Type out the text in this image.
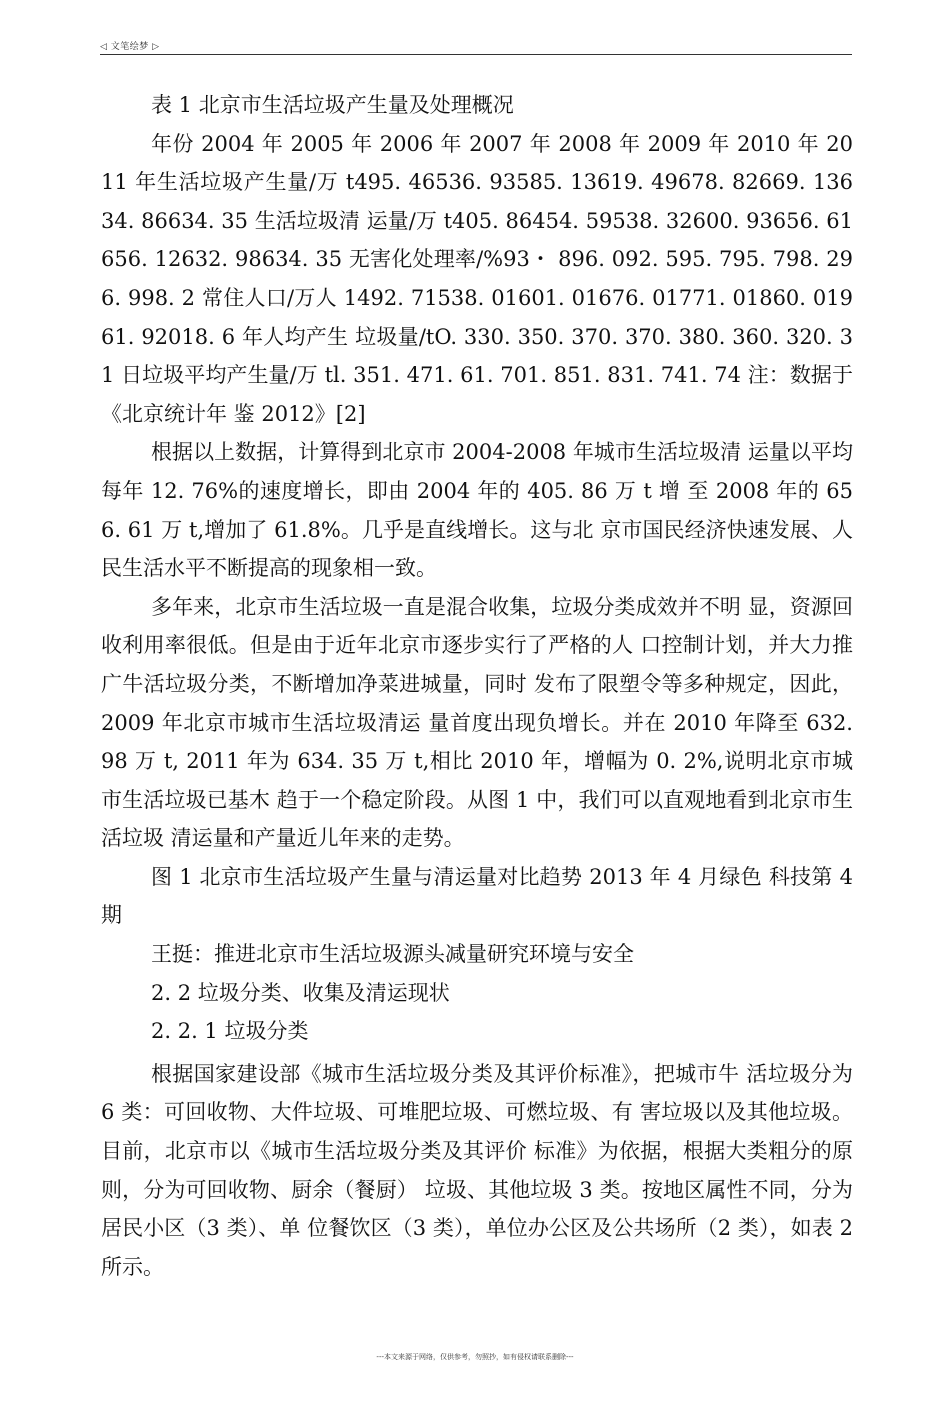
◁ 文笔绘梦 ▷

表 1 北京市生活垃圾产生量及处理概况

年份 2004 年 2005 年 2006 年 2007 年 2008 年 2009 年 2010 年 2011 年生活垃圾产生量/万 t495. 46536. 93585. 13619. 49678. 82669. 13634. 86634. 35 生活垃圾清 运量/万 t405. 86454. 59538. 32600. 93656. 61656. 12632. 98634. 35 无害化处理率/%93・ 896. 092. 595. 795. 798. 296. 998. 2 常住人口/万人 1492. 71538. 01601. 01676. 01771. 01860. 01961. 92018. 6 年人均产生 垃圾量/tO. 330. 350. 370. 370. 380. 360. 320. 31 日垃圾平均产生量/万 tl. 351. 471. 61. 701. 851. 831. 741. 74 注：数据于《北京统计年 鉴 2012》[2]

根据以上数据，计算得到北京市 2004-2008 年城市生活垃圾清 运量以平均每年 12. 76%的速度增长，即由 2004 年的 405. 86 万 t 增 至 2008 年的 656. 61 万 t,增加了 61.8%。几乎是直线增长。这与北 京市国民经济快速发展、人民生活水平不断提高的现象相一致。

多年来，北京市生活垃圾一直是混合收集，垃圾分类成效并不明 显，资源回收利用率很低。但是由于近年北京市逐步实行了严格的人 口控制计划，并大力推广牛活垃圾分类，不断增加净菜进城量，同时 发布了限塑令等多种规定，因此，2009 年北京市城市生活垃圾清运 量首度出现负增长。并在 2010 年降至 632. 98 万 t, 2011 年为 634. 35 万 t,相比 2010 年，增幅为 0. 2%,说明北京市城市生活垃圾已基木 趋于一个稳定阶段。从图 1 中，我们可以直观地看到北京市生活垃圾 清运量和产量近儿年来的走势。

图 1 北京市生活垃圾产生量与清运量对比趋势 2013 年 4 月绿色 科技第 4 期

王挺：推进北京市生活垃圾源头减量研究环境与安全

2. 2 垃圾分类、收集及清运现状

2. 2. 1 垃圾分类

根据国家建设部《城市生活垃圾分类及其评价标准》，把城市牛 活垃圾分为 6 类：可回收物、大件垃圾、可堆肥垃圾、可燃垃圾、有 害垃圾以及其他垃圾。目前，北京市以《城市生活垃圾分类及其评价 标准》为依据，根据大类粗分的原则，分为可回收物、厨余（餐厨） 垃圾、其他垃圾 3 类。按地区属性不同，分为居民小区（3 类）、单 位餐饮区（3 类），单位办公区及公共场所（2 类），如表 2 所示。

---本文来源于网络，仅供参考，勿照抄，如有侵权请联系删除---
